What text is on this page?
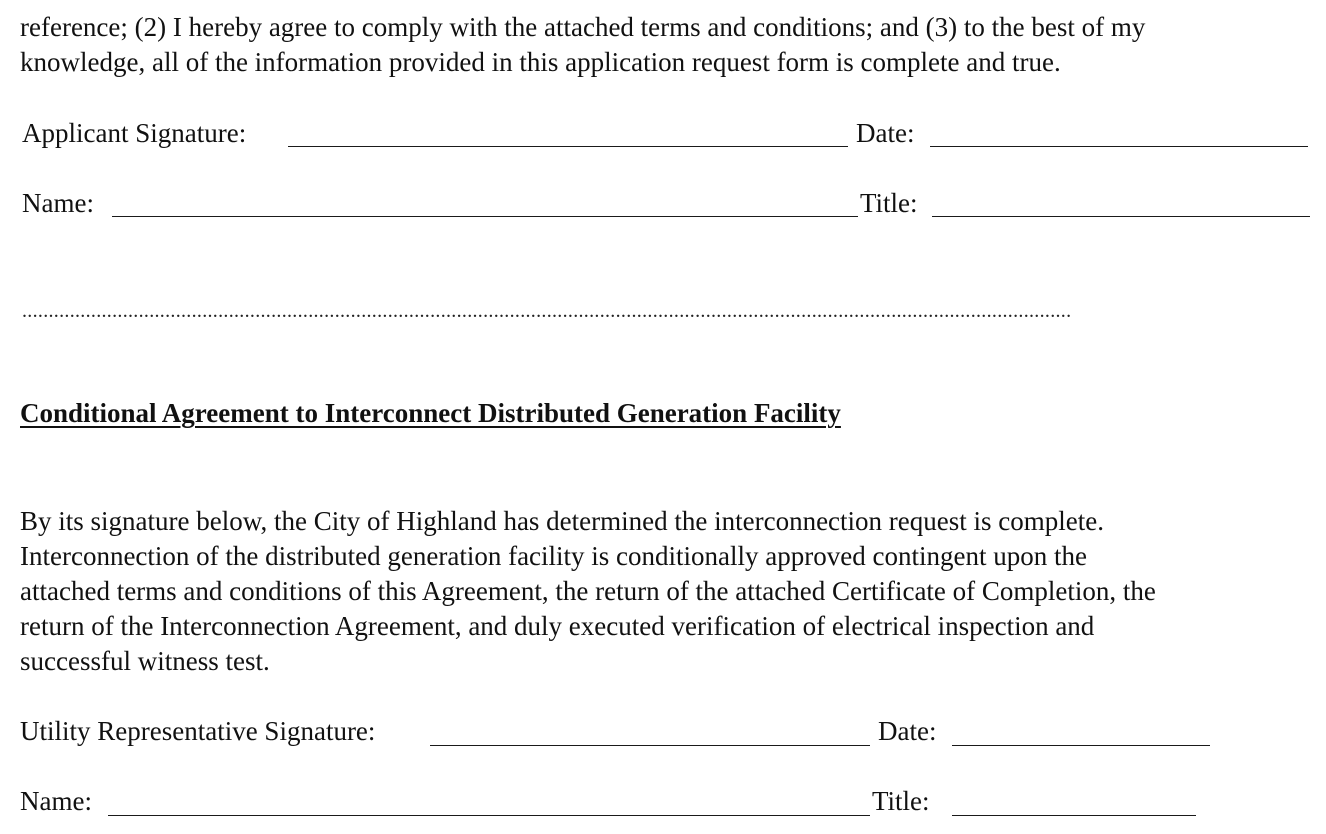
reference; (2) I hereby agree to comply with the attached terms and conditions; and (3) to the best of my
knowledge, all of the information provided in this application request form is complete and true.
Applicant Signature:	Date:
Name:	Title:
......................................................................................................................................................................................................
Conditional Agreement to Interconnect Distributed Generation Facility
By its signature below, the City of Highland has determined the interconnection request is complete.
Interconnection of the distributed generation facility is conditionally approved contingent upon the
attached terms and conditions of this Agreement, the return of the attached Certificate of Completion, the
return of the Interconnection Agreement, and duly executed verification of electrical inspection and
successful witness test.
Utility Representative Signature:	Date:
Name:	Title:
